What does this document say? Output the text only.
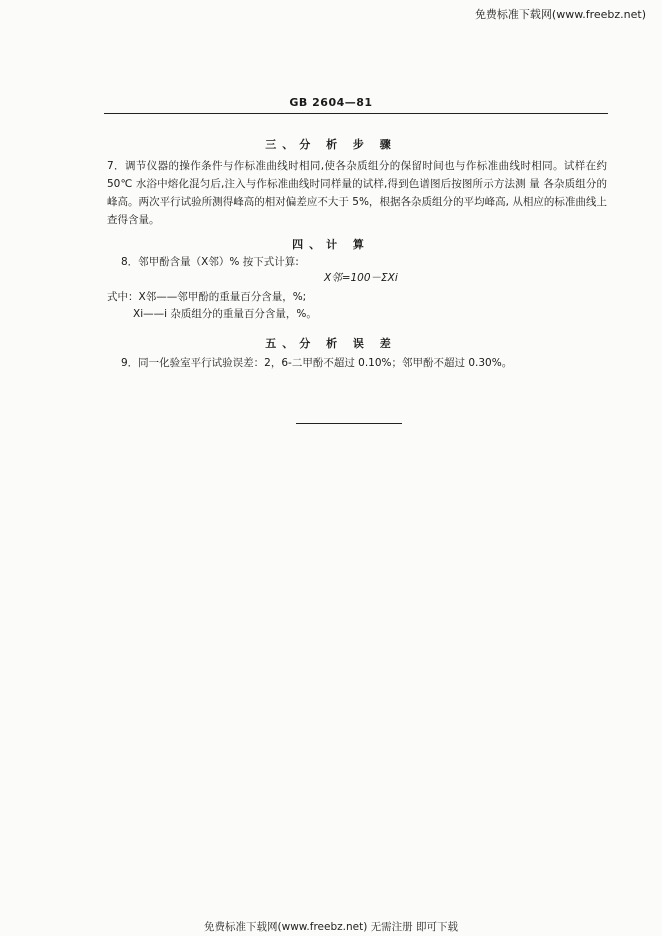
免费标准下载网(www.freebz.net)
GB 2604—81
三、分 析 步 骤
7．调节仪器的操作条件与作标准曲线时相同,使各杂质组分的保留时间也与作标准曲线时相同。试样在约 50℃ 水浴中熔化混匀后,注入与作标准曲线时同样量的试样,得到色谱图后按图所示方法测 量 各杂质组分的峰高。两次平行试验所测得峰高的相对偏差应不大于 5%，根据各杂质组分的平均峰高, 从相应的标准曲线上查得含量。
四、计 算
8．邻甲酚含量（X邻）% 按下式计算:
X邻=100－ΣXi
式中：X邻——邻甲酚的重量百分含量，%;
Xi——i 杂质组分的重量百分含量，%。
五、分 析 误 差
9．同一化验室平行试验误差：2，6-二甲酚不超过 0.10%；邻甲酚不超过 0.30%。
免费标准下载网(www.freebz.net) 无需注册 即可下载
